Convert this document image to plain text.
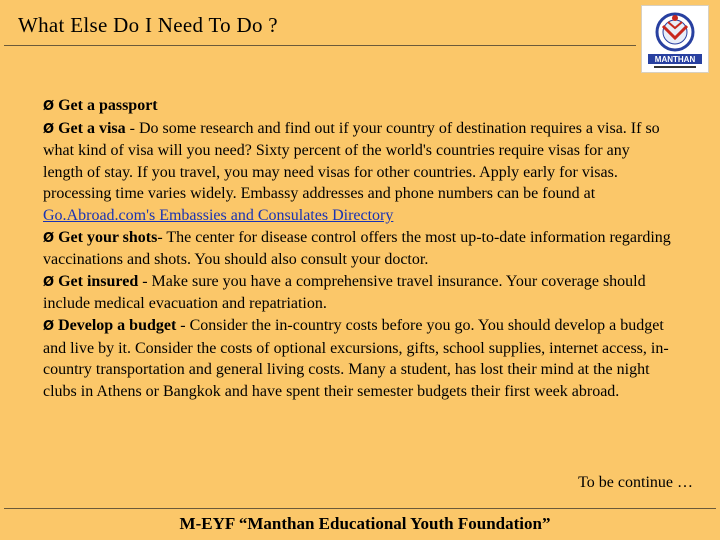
What Else Do I Need To Do ?
MANTHAN

Ø Get a passport

Ø Get a visa - Do some research and find out if your country of destination requires a visa. If so what kind of visa will you need? Sixty percent of the world's countries require visas for any length of stay. If you travel, you may need visas for other countries. Apply early for visas. processing time varies widely. Embassy addresses and phone numbers can be found at Go.Abroad.com's Embassies and Consulates Directory

Ø Get your shots- The center for disease control offers the most up-to-date information regarding vaccinations and shots. You should also consult your doctor.

Ø Get insured - Make sure you have a comprehensive travel insurance. Your coverage should include medical evacuation and repatriation.

Ø Develop a budget - Consider the in-country costs before you go. You should develop a budget and live by it. Consider the costs of optional excursions, gifts, school supplies, internet access, in-country transportation and general living costs. Many a student, has lost their mind at the night clubs in Athens or Bangkok and have spent their semester budgets their first week abroad.

To be continue …
M-EYF “Manthan Educational Youth Foundation”
